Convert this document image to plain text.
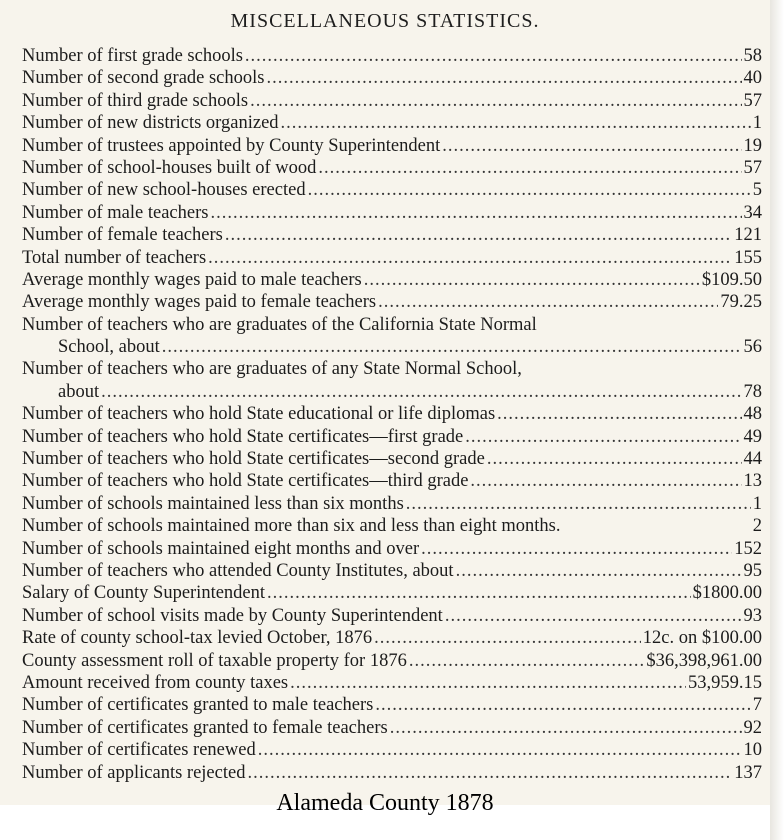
MISCELLANEOUS STATISTICS.
Number of first grade schools .....	58
Number of second grade schools .....	40
Number of third grade schools .....	57
Number of new districts organized .....	1
Number of trustees appointed by County Superintendent .....	19
Number of school-houses built of wood .....	57
Number of new school-houses erected .....	5
Number of male teachers .....	34
Number of female teachers .....	121
Total number of teachers .....	155
Average monthly wages paid to male teachers .....	$109.50
Average monthly wages paid to female teachers .....	79.25
Number of teachers who are graduates of the California State Normal
School, about .....	56
Number of teachers who are graduates of any State Normal School,
about .....	78
Number of teachers who hold State educational or life diplomas .....	48
Number of teachers who hold State certificates—first grade .....	49
Number of teachers who hold State certificates—second grade .....	44
Number of teachers who hold State certificates—third grade .....	13
Number of schools maintained less than six months .....	1
Number of schools maintained more than six and less than eight months.	2
Number of schools maintained eight months and over .....	152
Number of teachers who attended County Institutes, about .....	95
Salary of County Superintendent .....	$1800.00
Number of school visits made by County Superintendent .....	93
Rate of county school-tax levied October, 1876 .....	12c. on $100.00
County assessment roll of taxable property for 1876 .....	$36,398,961.00
Amount received from county taxes .....	53,959.15
Number of certificates granted to male teachers .....	7
Number of certificates granted to female teachers .....	92
Number of certificates renewed .....	10
Number of applicants rejected .....	137
Alameda County 1878
